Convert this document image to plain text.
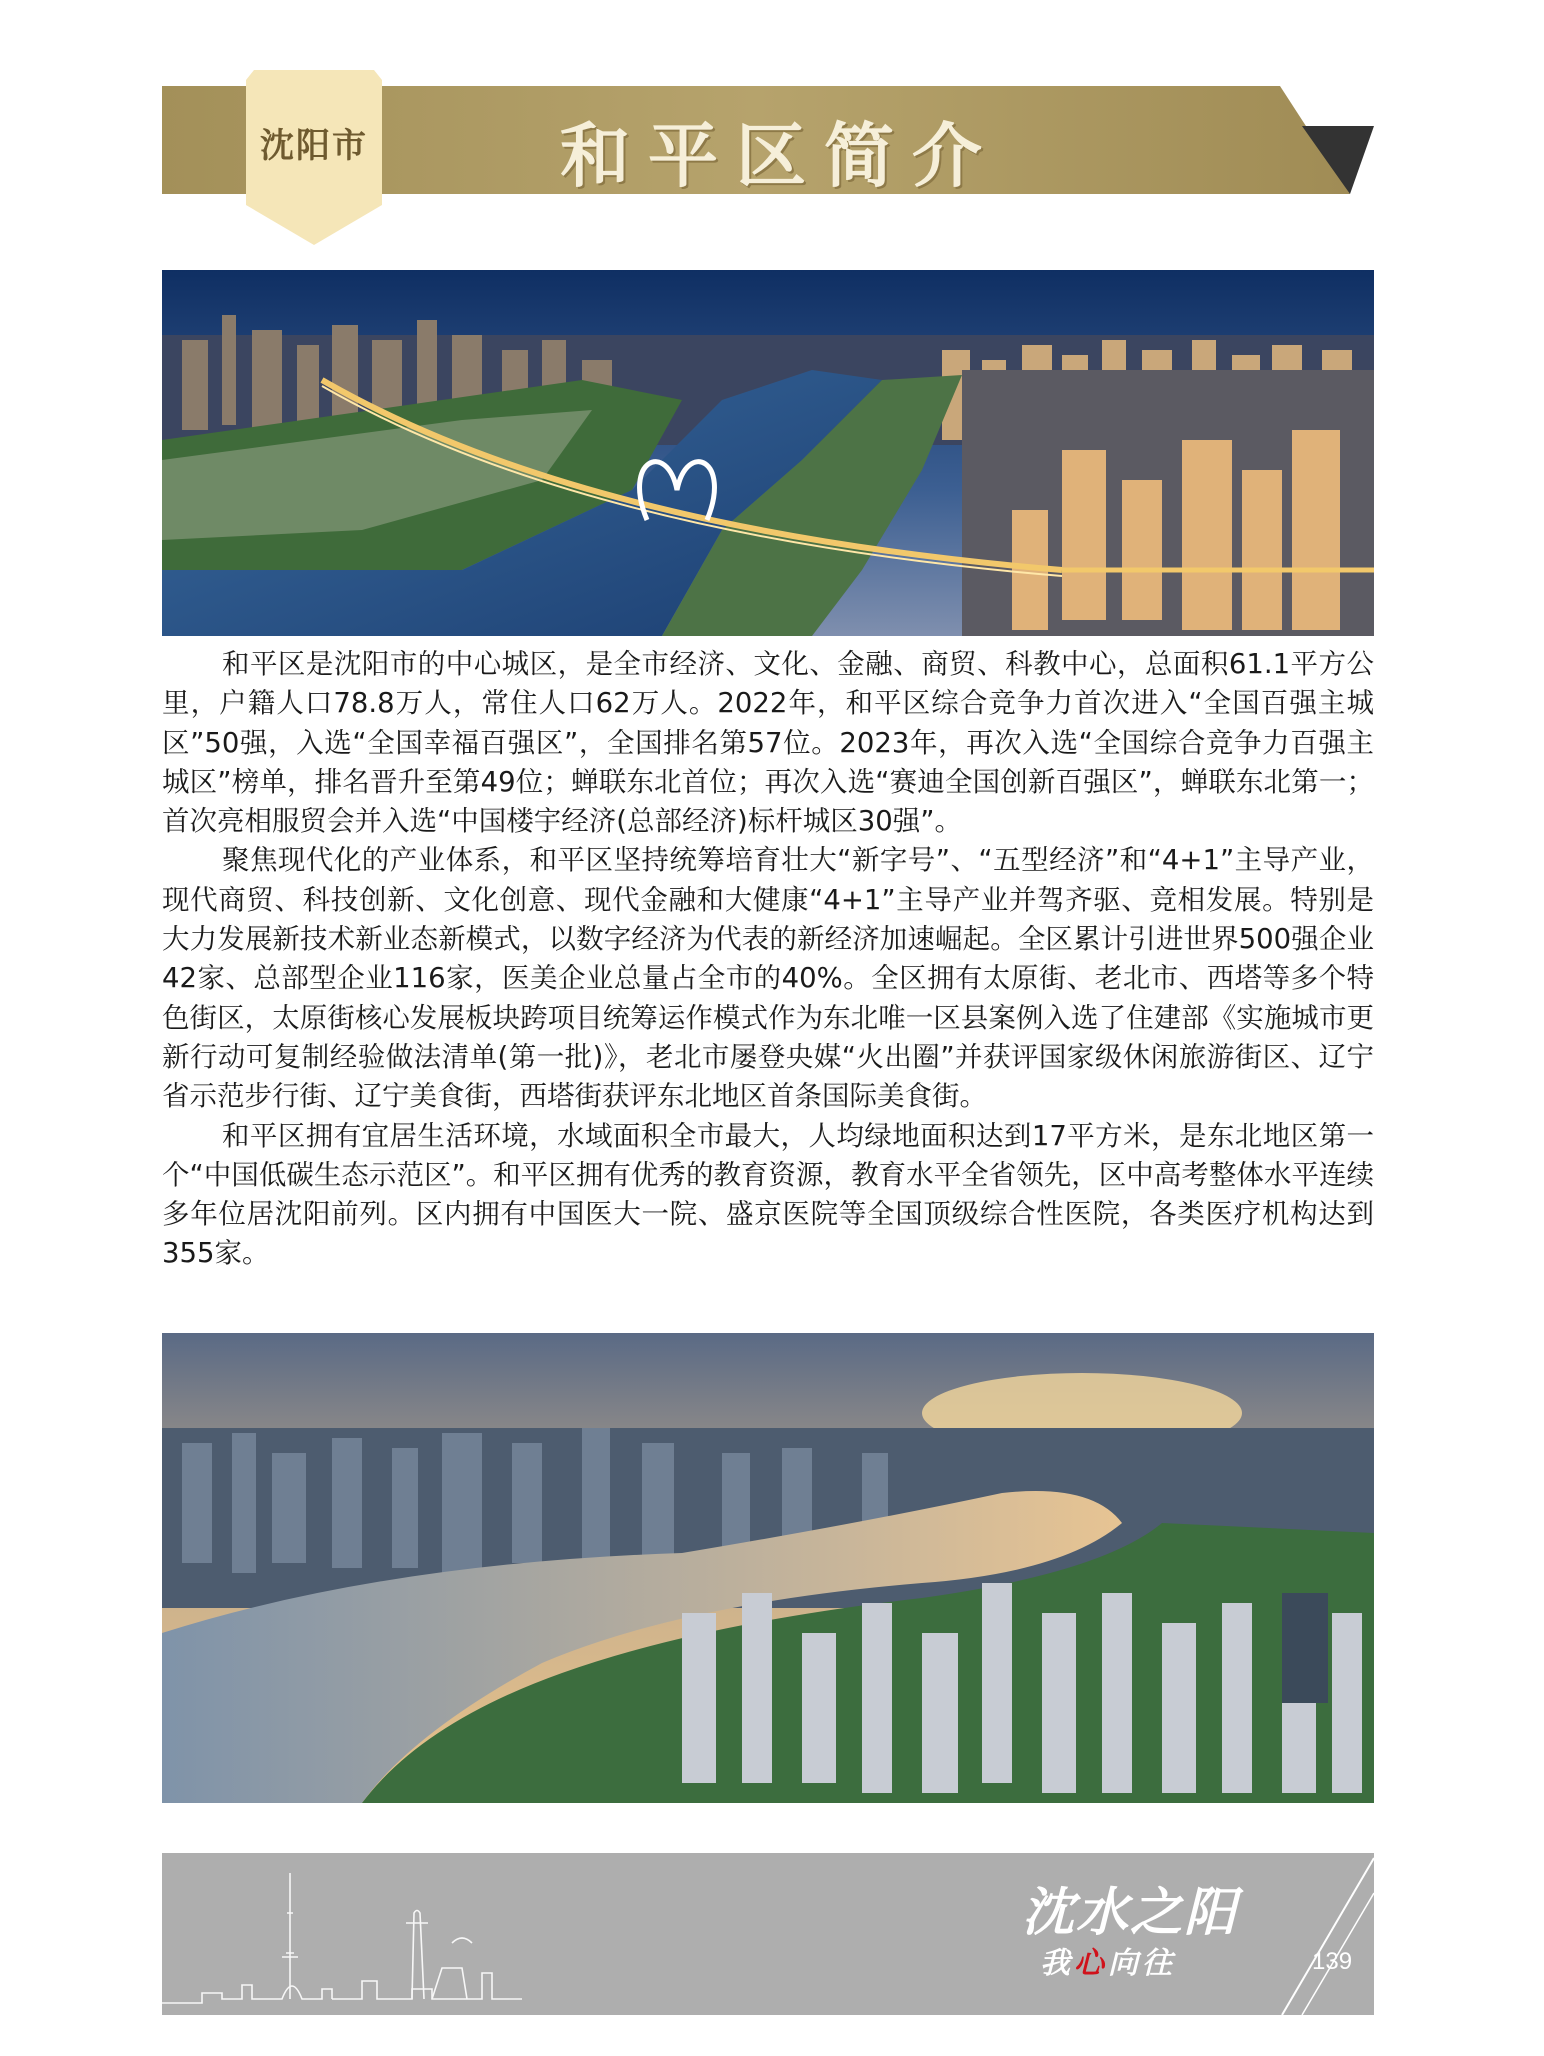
沈阳市	和平区简介

和平区是沈阳市的中心城区，是全市经济、文化、金融、商贸、科教中心，总面积61.1平方公里，户籍人口78.8万人，常住人口62万人。2022年，和平区综合竞争力首次进入“全国百强主城区”50强，入选“全国幸福百强区”，全国排名第57位。2023年，再次入选“全国综合竞争力百强主城区”榜单，排名晋升至第49位；蝉联东北首位；再次入选“赛迪全国创新百强区”，蝉联东北第一；首次亮相服贸会并入选“中国楼宇经济(总部经济)标杆城区30强”。

聚焦现代化的产业体系，和平区坚持统筹培育壮大“新字号”、“五型经济”和“4+1”主导产业，现代商贸、科技创新、文化创意、现代金融和大健康“4+1”主导产业并驾齐驱、竞相发展。特别是大力发展新技术新业态新模式，以数字经济为代表的新经济加速崛起。全区累计引进世界500强企业42家、总部型企业116家，医美企业总量占全市的40%。全区拥有太原街、老北市、西塔等多个特色街区，太原街核心发展板块跨项目统筹运作模式作为东北唯一区县案例入选了住建部《实施城市更新行动可复制经验做法清单(第一批)》，老北市屡登央媒“火出圈”并获评国家级休闲旅游街区、辽宁省示范步行街、辽宁美食街，西塔街获评东北地区首条国际美食街。

和平区拥有宜居生活环境，水域面积全市最大，人均绿地面积达到17平方米，是东北地区第一个“中国低碳生态示范区”。和平区拥有优秀的教育资源，教育水平全省领先，区中高考整体水平连续多年位居沈阳前列。区内拥有中国医大一院、盛京医院等全国顶级综合性医院，各类医疗机构达到355家。

沈水之阳
我心向往	139
